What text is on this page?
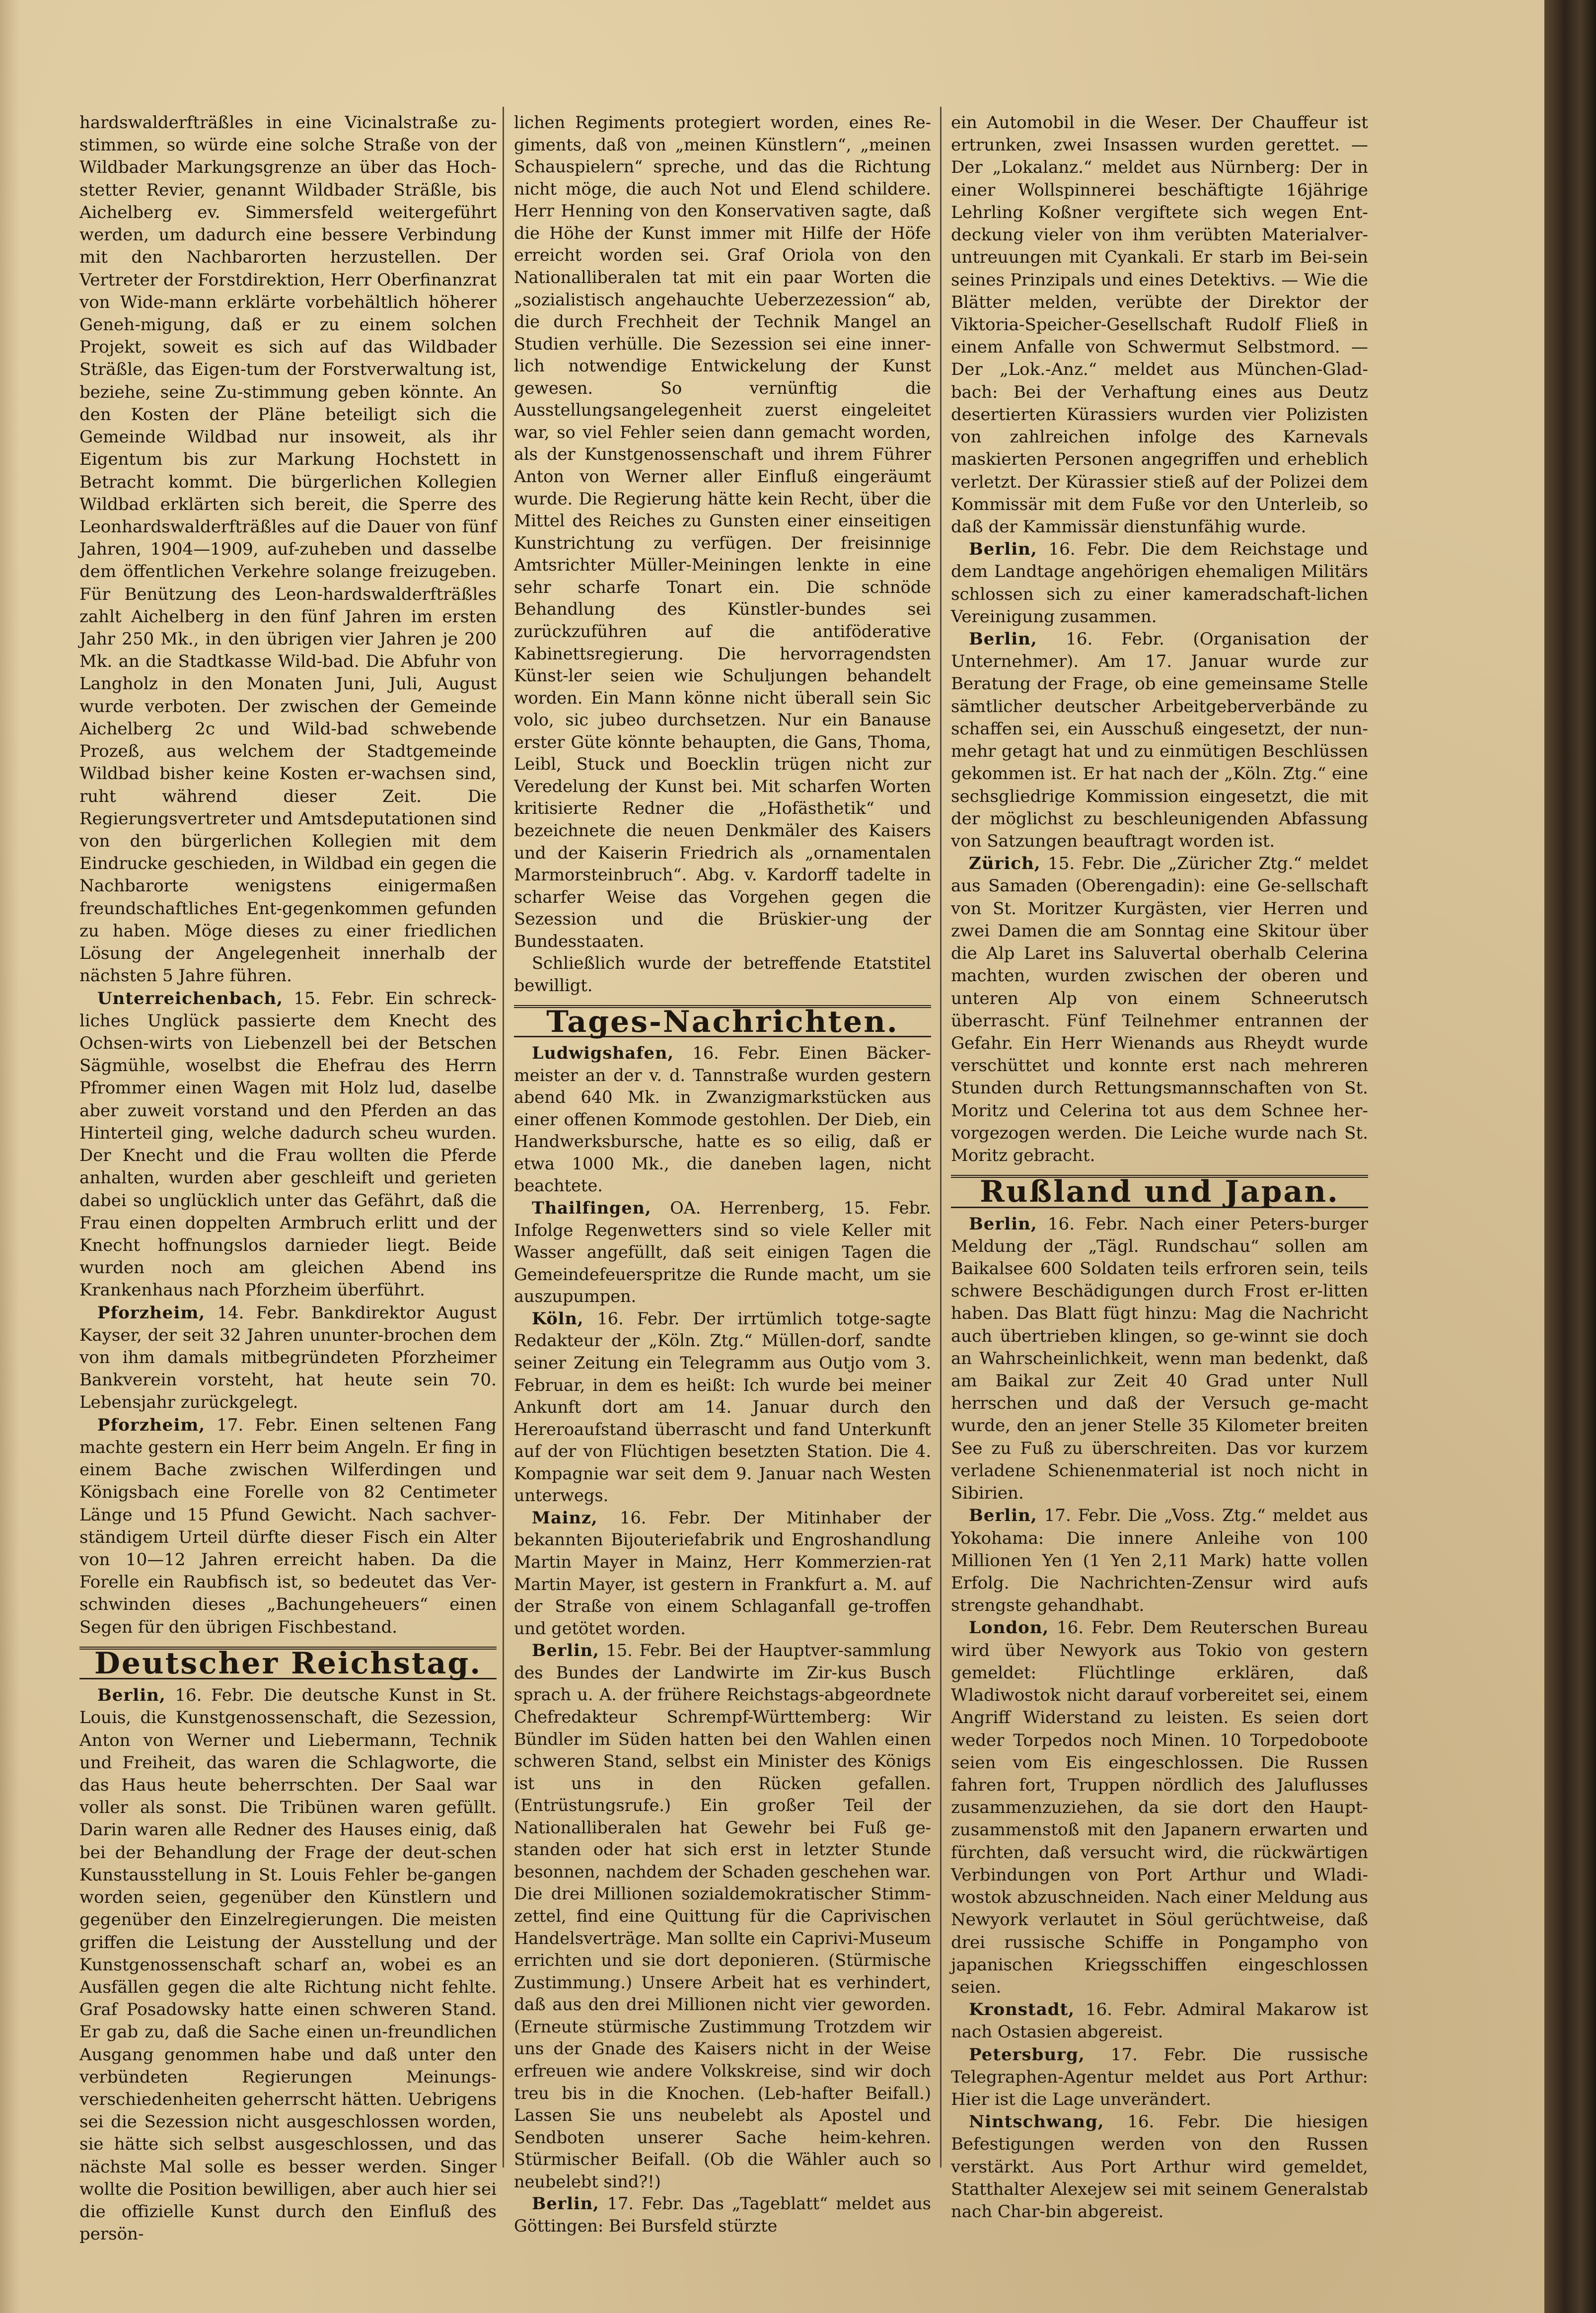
hardswalderfträßles in eine Vicinalstraße zu-stimmen, so würde eine solche Straße von der Wildbader Markungsgrenze an über das Hoch-stetter Revier, genannt Wildbader Sträßle, bis Aichelberg ev. Simmersfeld weitergeführt werden, um dadurch eine bessere Verbindung mit den Nachbarorten herzustellen. Der Vertreter der Forstdirektion, Herr Oberfinanzrat von Wide-mann erklärte vorbehältlich höherer Geneh-migung, daß er zu einem solchen Projekt, soweit es sich auf das Wildbader Sträßle, das Eigen-tum der Forstverwaltung ist, beziehe, seine Zu-stimmung geben könnte. An den Kosten der Pläne beteiligt sich die Gemeinde Wildbad nur insoweit, als ihr Eigentum bis zur Markung Hochstett in Betracht kommt. Die bürgerlichen Kollegien Wildbad erklärten sich bereit, die Sperre des Leonhardswalderfträßles auf die Dauer von fünf Jahren, 1904—1909, auf-zuheben und dasselbe dem öffentlichen Verkehre solange freizugeben. Für Benützung des Leon-hardswalderfträßles zahlt Aichelberg in den fünf Jahren im ersten Jahr 250 Mk., in den übrigen vier Jahren je 200 Mk. an die Stadtkasse Wild-bad. Die Abfuhr von Langholz in den Monaten Juni, Juli, August wurde verboten. Der zwischen der Gemeinde Aichelberg 2c und Wild-bad schwebende Prozeß, aus welchem der Stadtgemeinde Wildbad bisher keine Kosten er-wachsen sind, ruht während dieser Zeit. Die Regierungsvertreter und Amtsdeputationen sind von den bürgerlichen Kollegien mit dem Eindrucke geschieden, in Wildbad ein gegen die Nachbarorte wenigstens einigermaßen freundschaftliches Ent-gegenkommen gefunden zu haben. Möge dieses zu einer friedlichen Lösung der Angelegenheit innerhalb der nächsten 5 Jahre führen.

Unterreichenbach, 15. Febr. Ein schreck-liches Unglück passierte dem Knecht des Ochsen-wirts von Liebenzell bei der Betschen Sägmühle, woselbst die Ehefrau des Herrn Pfrommer einen Wagen mit Holz lud, daselbe aber zuweit vorstand und den Pferden an das Hinterteil ging, welche dadurch scheu wurden. Der Knecht und die Frau wollten die Pferde anhalten, wurden aber geschleift und gerieten dabei so unglücklich unter das Gefährt, daß die Frau einen doppelten Armbruch erlitt und der Knecht hoffnungslos darnieder liegt. Beide wurden noch am gleichen Abend ins Krankenhaus nach Pforzheim überführt.

Pforzheim, 14. Febr. Bankdirektor August Kayser, der seit 32 Jahren ununter-brochen dem von ihm damals mitbegründeten Pforzheimer Bankverein vorsteht, hat heute sein 70. Lebensjahr zurückgelegt.

Pforzheim, 17. Febr. Einen seltenen Fang machte gestern ein Herr beim Angeln. Er fing in einem Bache zwischen Wilferdingen und Königsbach eine Forelle von 82 Centimeter Länge und 15 Pfund Gewicht. Nach sachver-ständigem Urteil dürfte dieser Fisch ein Alter von 10—12 Jahren erreicht haben. Da die Forelle ein Raubfisch ist, so bedeutet das Ver-schwinden dieses „Bachungeheuers“ einen Segen für den übrigen Fischbestand.

Deutscher Reichstag.

Berlin, 16. Febr. Die deutsche Kunst in St. Louis, die Kunstgenossenschaft, die Sezession, Anton von Werner und Liebermann, Technik und Freiheit, das waren die Schlagworte, die das Haus heute beherrschten. Der Saal war voller als sonst. Die Tribünen waren gefüllt. Darin waren alle Redner des Hauses einig, daß bei der Behandlung der Frage der deut-schen Kunstausstellung in St. Louis Fehler be-gangen worden seien, gegenüber den Künstlern und gegenüber den Einzelregierungen. Die meisten griffen die Leistung der Ausstellung und der Kunstgenossenschaft scharf an, wobei es an Ausfällen gegen die alte Richtung nicht fehlte. Graf Posadowsky hatte einen schweren Stand. Er gab zu, daß die Sache einen un-freundlichen Ausgang genommen habe und daß unter den verbündeten Regierungen Meinungs-verschiedenheiten geherrscht hätten. Uebrigens sei die Sezession nicht ausgeschlossen worden, sie hätte sich selbst ausgeschlossen, und das nächste Mal solle es besser werden. Singer wollte die Position bewilligen, aber auch hier sei die offizielle Kunst durch den Einfluß des persön-

lichen Regiments protegiert worden, eines Re-giments, daß von „meinen Künstlern“, „meinen Schauspielern“ spreche, und das die Richtung nicht möge, die auch Not und Elend schildere. Herr Henning von den Konservativen sagte, daß die Höhe der Kunst immer mit Hilfe der Höfe erreicht worden sei. Graf Oriola von den Nationalliberalen tat mit ein paar Worten die „sozialistisch angehauchte Ueberzezession“ ab, die durch Frechheit der Technik Mangel an Studien verhülle. Die Sezession sei eine inner-lich notwendige Entwickelung der Kunst gewesen. So vernünftig die Ausstellungsangelegenheit zuerst eingeleitet war, so viel Fehler seien dann gemacht worden, als der Kunstgenossenschaft und ihrem Führer Anton von Werner aller Einfluß eingeräumt wurde. Die Regierung hätte kein Recht, über die Mittel des Reiches zu Gunsten einer einseitigen Kunstrichtung zu verfügen. Der freisinnige Amtsrichter Müller-Meiningen lenkte in eine sehr scharfe Tonart ein. Die schnöde Behandlung des Künstler-bundes sei zurückzuführen auf die antiföderative Kabinettsregierung. Die hervorragendsten Künst-ler seien wie Schuljungen behandelt worden. Ein Mann könne nicht überall sein Sic volo, sic jubeo durchsetzen. Nur ein Banause erster Güte könnte behaupten, die Gans, Thoma, Leibl, Stuck und Boecklin trügen nicht zur Veredelung der Kunst bei. Mit scharfen Worten kritisierte Redner die „Hofästhetik“ und bezeichnete die neuen Denkmäler des Kaisers und der Kaiserin Friedrich als „ornamentalen Marmorsteinbruch“. Abg. v. Kardorff tadelte in scharfer Weise das Vorgehen gegen die Sezession und die Brüskier-ung der Bundesstaaten.

Schließlich wurde der betreffende Etatstitel bewilligt.

Tages-Nachrichten.

Ludwigshafen, 16. Febr. Einen Bäcker-meister an der v. d. Tannstraße wurden gestern abend 640 Mk. in Zwanzigmarkstücken aus einer offenen Kommode gestohlen. Der Dieb, ein Handwerksbursche, hatte es so eilig, daß er etwa 1000 Mk., die daneben lagen, nicht beachtete.

Thailfingen, OA. Herrenberg, 15. Febr. Infolge Regenwetters sind so viele Keller mit Wasser angefüllt, daß seit einigen Tagen die Gemeindefeuerspritze die Runde macht, um sie auszupumpen.

Köln, 16. Febr. Der irrtümlich totge-sagte Redakteur der „Köln. Ztg.“ Müllen-dorf, sandte seiner Zeitung ein Telegramm aus Outjo vom 3. Februar, in dem es heißt: Ich wurde bei meiner Ankunft dort am 14. Januar durch den Hereroaufstand überrascht und fand Unterkunft auf der von Flüchtigen besetzten Station. Die 4. Kompagnie war seit dem 9. Januar nach Westen unterwegs.

Mainz, 16. Febr. Der Mitinhaber der bekannten Bijouteriefabrik und Engroshandlung Martin Mayer in Mainz, Herr Kommerzien-rat Martin Mayer, ist gestern in Frankfurt a. M. auf der Straße von einem Schlaganfall ge-troffen und getötet worden.

Berlin, 15. Febr. Bei der Hauptver-sammlung des Bundes der Landwirte im Zir-kus Busch sprach u. A. der frühere Reichstags-abgeordnete Chefredakteur Schrempf-Württemberg: Wir Bündler im Süden hatten bei den Wahlen einen schweren Stand, selbst ein Minister des Königs ist uns in den Rücken gefallen. (Entrüstungsrufe.) Ein großer Teil der Nationalliberalen hat Gewehr bei Fuß ge-standen oder hat sich erst in letzter Stunde besonnen, nachdem der Schaden geschehen war. Die drei Millionen sozialdemokratischer Stimm-zettel, find eine Quittung für die Caprivischen Handelsverträge. Man sollte ein Caprivi-Museum errichten und sie dort deponieren. (Stürmische Zustimmung.) Unsere Arbeit hat es verhindert, daß aus den drei Millionen nicht vier geworden. (Erneute stürmische Zustimmung Trotzdem wir uns der Gnade des Kaisers nicht in der Weise erfreuen wie andere Volkskreise, sind wir doch treu bis in die Knochen. (Leb-hafter Beifall.) Lassen Sie uns neubelebt als Apostel und Sendboten unserer Sache heim-kehren. Stürmischer Beifall. (Ob die Wähler auch so neubelebt sind?!)

Berlin, 17. Febr. Das „Tageblatt“ meldet aus Göttingen: Bei Bursfeld stürzte

ein Automobil in die Weser. Der Chauffeur ist ertrunken, zwei Insassen wurden gerettet. — Der „Lokalanz.“ meldet aus Nürnberg: Der in einer Wollspinnerei beschäftigte 16jährige Lehrling Koßner vergiftete sich wegen Ent-deckung vieler von ihm verübten Materialver-untreuungen mit Cyankali. Er starb im Bei-sein seines Prinzipals und eines Detektivs. — Wie die Blätter melden, verübte der Direktor der Viktoria-Speicher-Gesellschaft Rudolf Fließ in einem Anfalle von Schwermut Selbstmord. — Der „Lok.-Anz.“ meldet aus München-Glad-bach: Bei der Verhaftung eines aus Deutz desertierten Kürassiers wurden vier Polizisten von zahlreichen infolge des Karnevals maskierten Personen angegriffen und erheblich verletzt. Der Kürassier stieß auf der Polizei dem Kommissär mit dem Fuße vor den Unterleib, so daß der Kammissär dienstunfähig wurde.

Berlin, 16. Febr. Die dem Reichstage und dem Landtage angehörigen ehemaligen Militärs schlossen sich zu einer kameradschaft-lichen Vereinigung zusammen.

Berlin, 16. Febr. (Organisation der Unternehmer). Am 17. Januar wurde zur Beratung der Frage, ob eine gemeinsame Stelle sämtlicher deutscher Arbeitgeberverbände zu schaffen sei, ein Ausschuß eingesetzt, der nun-mehr getagt hat und zu einmütigen Beschlüssen gekommen ist. Er hat nach der „Köln. Ztg.“ eine sechsgliedrige Kommission eingesetzt, die mit der möglichst zu beschleunigenden Abfassung von Satzungen beauftragt worden ist.

Zürich, 15. Febr. Die „Züricher Ztg.“ meldet aus Samaden (Oberengadin): eine Ge-sellschaft von St. Moritzer Kurgästen, vier Herren und zwei Damen die am Sonntag eine Skitour über die Alp Laret ins Saluvertal oberhalb Celerina machten, wurden zwischen der oberen und unteren Alp von einem Schneerutsch überrascht. Fünf Teilnehmer entrannen der Gefahr. Ein Herr Wienands aus Rheydt wurde verschüttet und konnte erst nach mehreren Stunden durch Rettungsmannschaften von St. Moritz und Celerina tot aus dem Schnee her-vorgezogen werden. Die Leiche wurde nach St. Moritz gebracht.

Rußland und Japan.

Berlin, 16. Febr. Nach einer Peters-burger Meldung der „Tägl. Rundschau“ sollen am Baikalsee 600 Soldaten teils erfroren sein, teils schwere Beschädigungen durch Frost er-litten haben. Das Blatt fügt hinzu: Mag die Nachricht auch übertrieben klingen, so ge-winnt sie doch an Wahrscheinlichkeit, wenn man bedenkt, daß am Baikal zur Zeit 40 Grad unter Null herrschen und daß der Versuch ge-macht wurde, den an jener Stelle 35 Kilometer breiten See zu Fuß zu überschreiten. Das vor kurzem verladene Schienenmaterial ist noch nicht in Sibirien.

Berlin, 17. Febr. Die „Voss. Ztg.“ meldet aus Yokohama: Die innere Anleihe von 100 Millionen Yen (1 Yen 2,11 Mark) hatte vollen Erfolg. Die Nachrichten-Zensur wird aufs strengste gehandhabt.

London, 16. Febr. Dem Reuterschen Bureau wird über Newyork aus Tokio von gestern gemeldet: Flüchtlinge erklären, daß Wladiwostok nicht darauf vorbereitet sei, einem Angriff Widerstand zu leisten. Es seien dort weder Torpedos noch Minen. 10 Torpedoboote seien vom Eis eingeschlossen. Die Russen fahren fort, Truppen nördlich des Jaluflusses zusammenzuziehen, da sie dort den Haupt-zusammenstoß mit den Japanern erwarten und fürchten, daß versucht wird, die rückwärtigen Verbindungen von Port Arthur und Wladi-wostok abzuschneiden. Nach einer Meldung aus Newyork verlautet in Söul gerüchtweise, daß drei russische Schiffe in Pongampho von japanischen Kriegsschiffen eingeschlossen seien.

Kronstadt, 16. Febr. Admiral Makarow ist nach Ostasien abgereist.

Petersburg, 17. Febr. Die russische Telegraphen-Agentur meldet aus Port Arthur: Hier ist die Lage unverändert.

Nintschwang, 16. Febr. Die hiesigen Befestigungen werden von den Russen verstärkt. Aus Port Arthur wird gemeldet, Statthalter Alexejew sei mit seinem Generalstab nach Char-bin abgereist.
